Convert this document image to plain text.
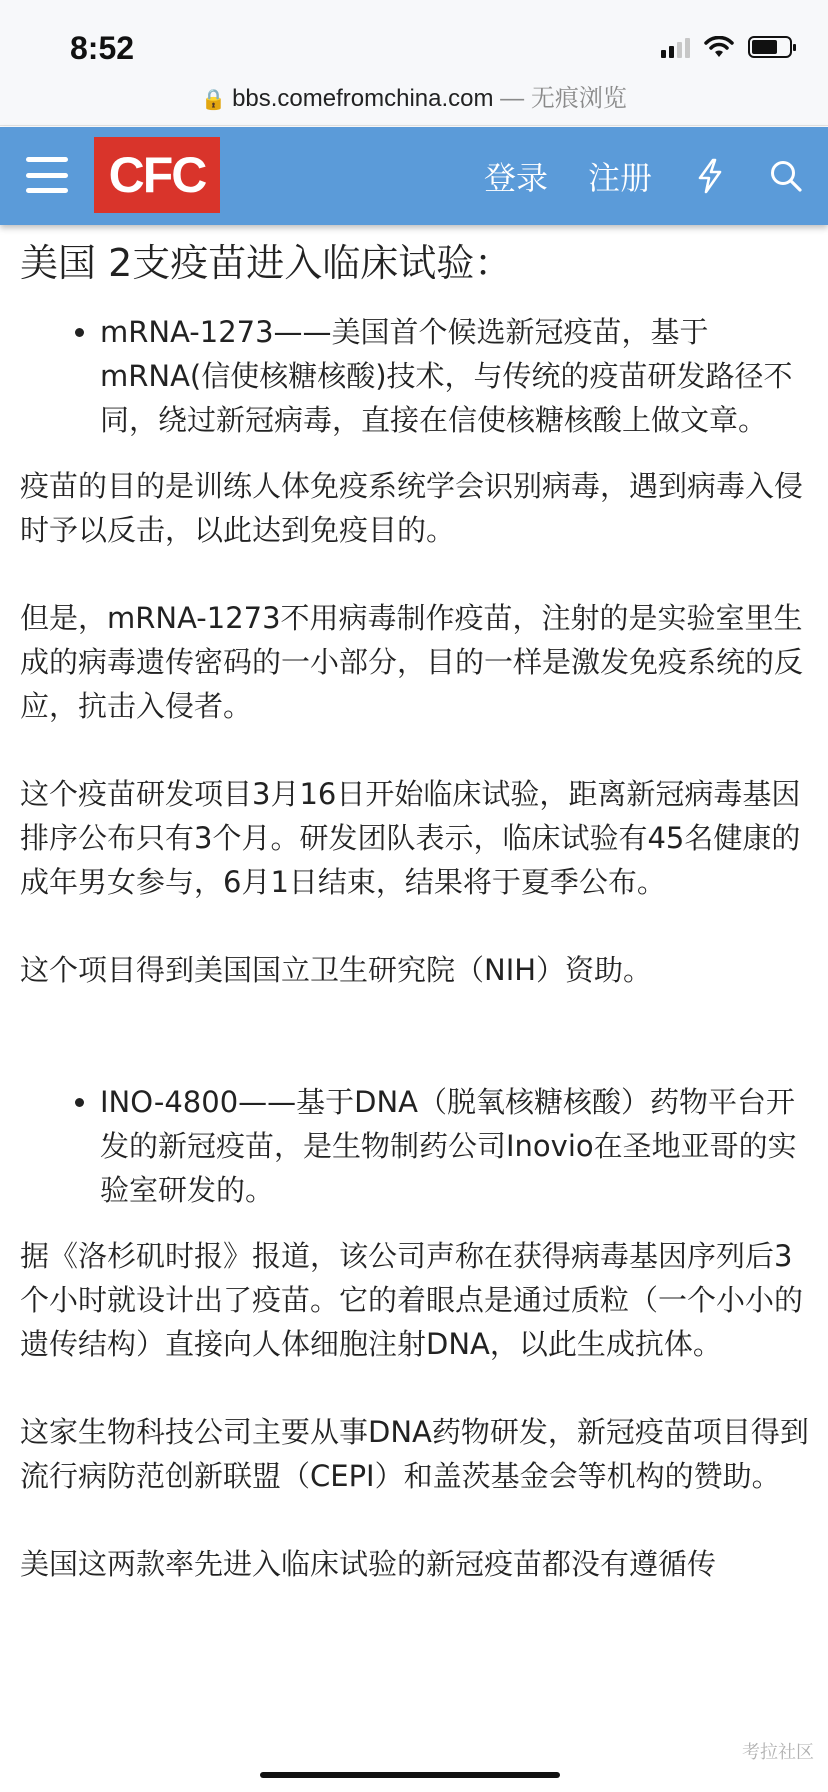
8:52
🔒 bbs.comefromchina.com — 无痕浏览
CFC	登录 注册
美国 2支疫苗进入临床试验：
• mRNA-1273——美国首个候选新冠疫苗，基于mRNA(信使核糖核酸)技术，与传统的疫苗研发路径不同，绕过新冠病毒，直接在信使核糖核酸上做文章。

疫苗的目的是训练人体免疫系统学会识别病毒，遇到病毒入侵时予以反击，以此达到免疫目的。

但是，mRNA-1273不用病毒制作疫苗，注射的是实验室里生成的病毒遗传密码的一小部分，目的一样是激发免疫系统的反应，抗击入侵者。

这个疫苗研发项目3月16日开始临床试验，距离新冠病毒基因排序公布只有3个月。研发团队表示，临床试验有45名健康的成年男女参与，6月1日结束，结果将于夏季公布。

这个项目得到美国国立卫生研究院（NIH）资助。

• INO-4800——基于DNA（脱氧核糖核酸）药物平台开发的新冠疫苗，是生物制药公司Inovio在圣地亚哥的实验室研发的。

据《洛杉矶时报》报道，该公司声称在获得病毒基因序列后3个小时就设计出了疫苗。它的着眼点是通过质粒（一个小小的遗传结构）直接向人体细胞注射DNA，以此生成抗体。

这家生物科技公司主要从事DNA药物研发，新冠疫苗项目得到流行病防范创新联盟（CEPI）和盖茨基金会等机构的赞助。

美国这两款率先进入临床试验的新冠疫苗都没有遵循传

考拉社区
